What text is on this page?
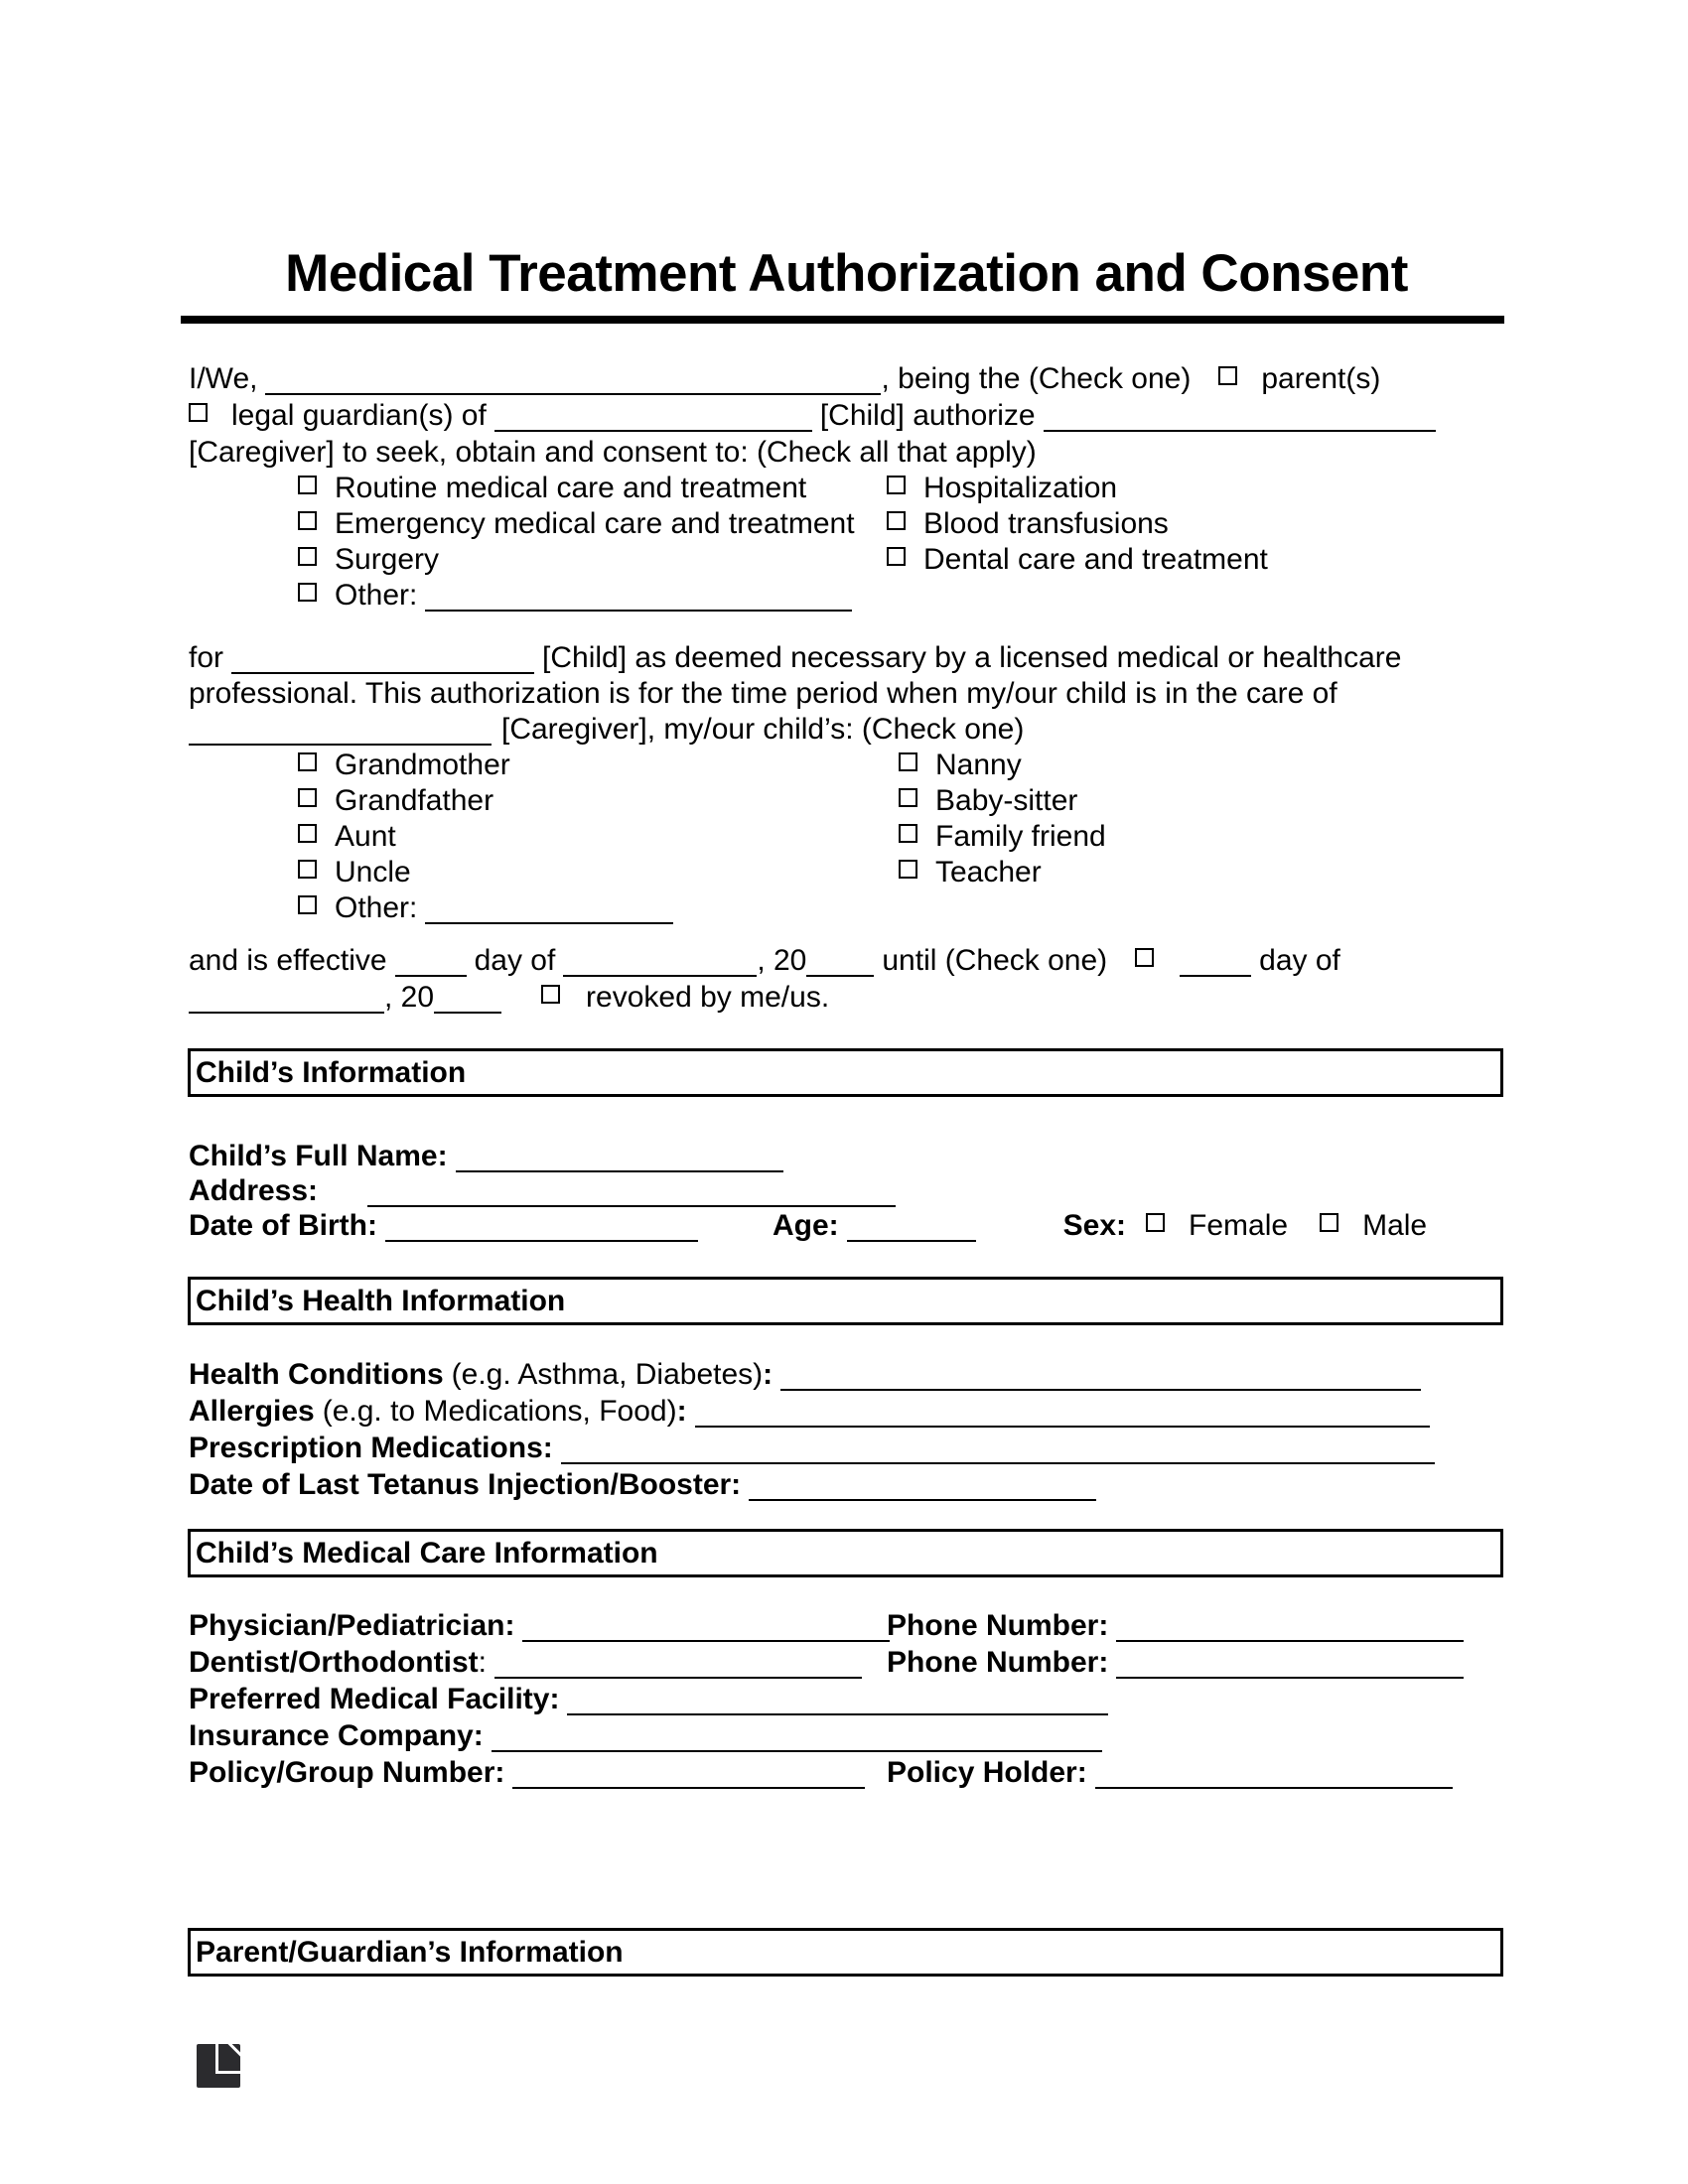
Medical Treatment Authorization and Consent
I/We,	, being the (Check one) parent(s)
legal guardian(s) of	[Child] authorize
[Caregiver] to seek, obtain and consent to: (Check all that apply)
Routine medical care and treatment	Hospitalization
Emergency medical care and treatment Blood transfusions
Surgery	Dental care and treatment
Other:
for	[Child] as deemed necessary by a licensed medical or healthcare
professional. This authorization is for the time period when my/our child is in the care of
[Caregiver], my/our child’s: (Check one)
Grandmother	Nanny
Grandfather	Baby-sitter
Aunt	Family friend
Uncle	Teacher
Other:
and is effective	day of	, 20	until (Check one)	day of
, 20	revoked by me/us.
Child’s Information
Child’s Full Name:
Address:
Date of Birth:	Age:	Sex: Female	Male
Child’s Health Information
Health Conditions (e.g. Asthma, Diabetes):
Allergies (e.g. to Medications, Food):
Prescription Medications:
Date of Last Tetanus Injection/Booster:
Child’s Medical Care Information
Physician/Pediatrician:	Phone Number:
Dentist/Orthodontist:	Phone Number:
Preferred Medical Facility:
Insurance Company:
Policy/Group Number:	Policy Holder:
Parent/Guardian’s Information
